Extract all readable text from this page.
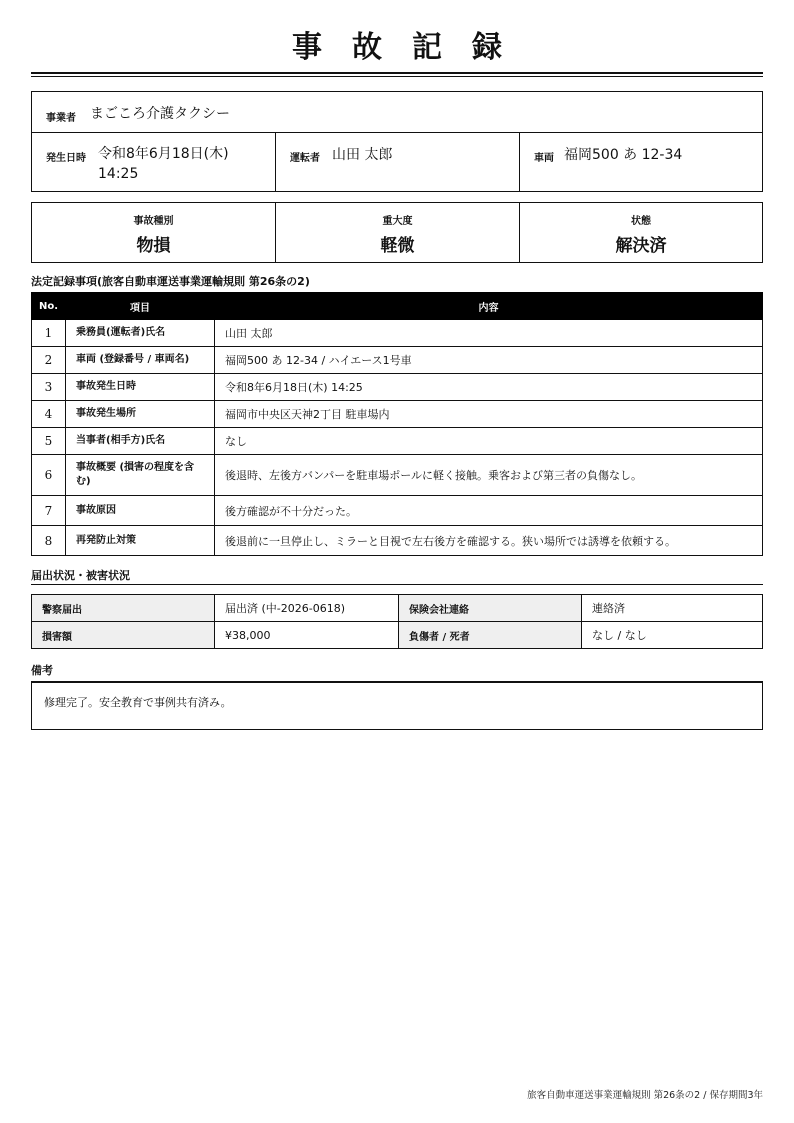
事故記録
事業者 まごころ介護タクシー
発生日時 令和8年6月18日(木)
14:25
運転者 山田 太郎	車両 福岡500 あ 12-34
事故種別
物損
重大度
軽微
状態
解決済
法定記録事項(旅客自動車運送事業運輸規則 第26条の2)
No.	項目	内容
1	乗務員(運転者)氏名	山田 太郎
2	車両 (登録番号 / 車両名)	福岡500 あ 12-34 / ハイエース1号車
3	事故発生日時	令和8年6月18日(木) 14:25
4	事故発生場所	福岡市中央区天神2丁目 駐車場内
5	当事者(相手方)氏名	なし
6	事故概要 (損害の程度を含む)	後退時、左後方バンパーを駐車場ポールに軽く接触。乗客および第三者の負傷なし。
7	事故原因	後方確認が不十分だった。
8	再発防止対策	後退前に一旦停止し、ミラーと目視で左右後方を確認する。狭い場所では誘導を依頼する。
届出状況・被害状況
警察届出	届出済 (中-2026-0618)	保険会社連絡	連絡済
損害額	¥38,000	負傷者 / 死者	なし / なし
備考
修理完了。安全教育で事例共有済み。
旅客自動車運送事業運輸規則 第26条の2 / 保存期間3年
